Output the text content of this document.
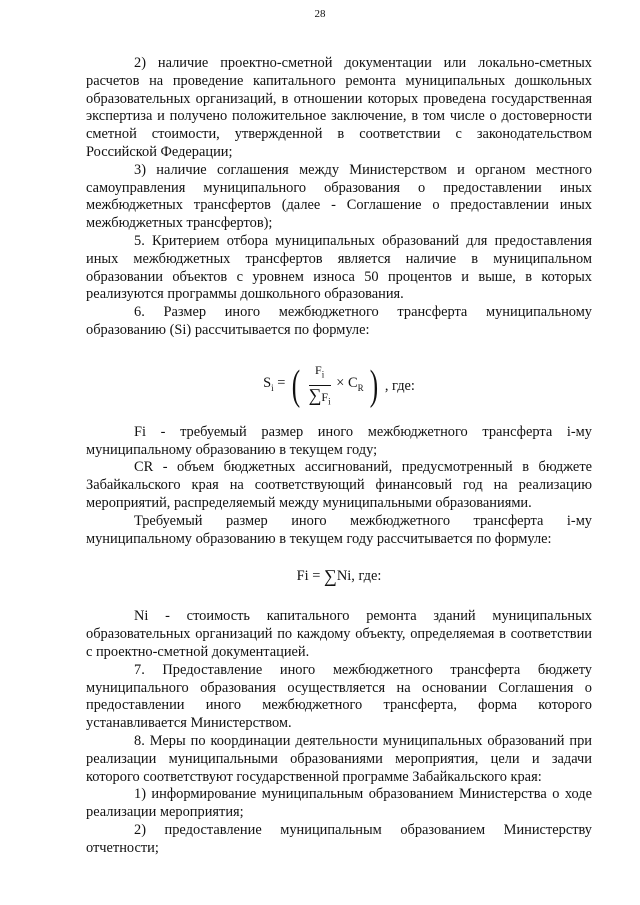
28

2) наличие проектно-сметной документации или локально-сметных расчетов на проведение капитального ремонта муниципальных дошкольных образовательных организаций, в отношении которых проведена государственная экспертиза и получено положительное заключение, в том числе о достоверности сметной стоимости, утвержденной в соответствии с законодательством Российской Федерации;

3) наличие соглашения между Министерством и органом местного самоуправления муниципального образования о предоставлении иных межбюджетных трансфертов (далее - Соглашение о предоставлении иных межбюджетных трансфертов);

5. Критерием отбора муниципальных образований для предоставления иных межбюджетных трансфертов является наличие в муниципальном образовании объектов с уровнем износа 50 процентов и выше, в которых реализуются программы дошкольного образования.

6. Размер иного межбюджетного трансферта муниципальному образованию (Si) рассчитывается по формуле:

$S_i$ = ( $\frac{F_i}{\sum F_i} \times C_R$ ) , где:

Fi - требуемый размер иного межбюджетного трансферта i-му муниципальному образованию в текущем году;

CR - объем бюджетных ассигнований, предусмотренный в бюджете Забайкальского края на соответствующий финансовый год на реализацию мероприятий, распределяемый между муниципальными образованиями.

Требуемый размер иного межбюджетного трансферта i-му муниципальному образованию в текущем году рассчитывается по формуле:

Fi = ∑Ni, где:

Ni - стоимость капитального ремонта зданий муниципальных образовательных организаций по каждому объекту, определяемая в соответствии с проектно-сметной документацией.

7. Предоставление иного межбюджетного трансферта бюджету муниципального образования осуществляется на основании Соглашения о предоставлении иного межбюджетного трансферта, форма которого устанавливается Министерством.

8. Меры по координации деятельности муниципальных образований при реализации муниципальными образованиями мероприятия, цели и задачи которого соответствуют государственной программе Забайкальского края:

1) информирование муниципальным образованием Министерства о ходе реализации мероприятия;

2) предоставление муниципальным образованием Министерству отчетности;
